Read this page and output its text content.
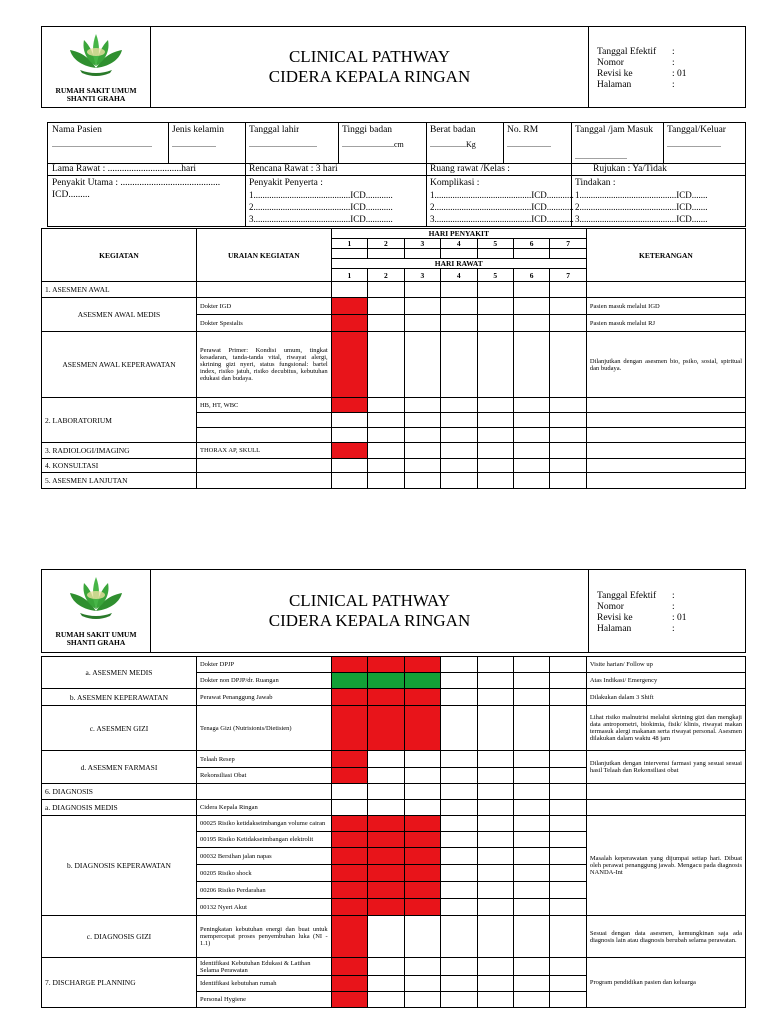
RUMAH SAKIT UMUM
SHANTI GRAHA
CLINICAL PATHWAY
CIDERA KEPALA RINGAN
Tanggal Efektif :
Nomor	:
Revisi ke	: 01
Halaman	:
Nama Pasien
..................................................
Jenis kelamin
......................
Tanggal lahir
..................................
Tinggi badan
..........................cm
Berat badan
..................Kg
No. RM
......................
Tanggal /jam Masuk
..........................
Tanggal/Keluar
...........................
Lama Rawat : ...............................hari	Rencana Rawat : 3 hari	Ruang rawat /Kelas :	Rujukan : Ya/Tidak
Penyakit Utama : ..........................................
ICD.........
Penyakit Penyerta :
1...........................................ICD............
2...........................................ICD............
3...........................................ICD............
Komplikasi :
1...........................................ICD............
2...........................................ICD............
3...........................................ICD............
Tindakan :
1...........................................ICD.......
2...........................................ICD.......
3...........................................ICD.......
KEGIATAN	URAIAN KEGIATAN	HARI PENYAKIT							KETERANGAN
		1	2	3	4	5	6	7	

		HARI RAWAT							
		1	2	3	4	5	6	7	
1. ASESMEN AWAL									
ASESMEN AWAL MEDIS	Dokter IGD								Pasien masuk melalui IGD
	Dokter Spesialis								Pasien masuk melalui RJ
ASESMEN AWAL KEPERAWATAN	Perawat Primer: Kondisi umum, tingkat kesadaran, tanda-tanda vital, riwayat alergi, skrining gizi nyeri, status fungsional: bartel index, risiko jatuh, risiko decubitus, kebutuhan edukasi dan budaya.								Dilanjutkan dengan asesmen bio, psiko, sosial, spiritual dan budaya.
2. LABORATORIUM	HB, HT, WBC								

3. RADIOLOGI/IMAGING	THORAX AP, SKULL								
4. KONSULTASI									
5. ASESMEN LANJUTAN									
RUMAH SAKIT UMUM
SHANTI GRAHA
CLINICAL PATHWAY
CIDERA KEPALA RINGAN
Tanggal Efektif :
Nomor	:
Revisi ke	: 01
Halaman	:
a. ASESMEN MEDIS	Dokter DPJP								Visite harian/ Follow up
	Dokter non DPJP/dr. Ruangan								Atas Indikasi/ Emergency
b. ASESMEN KEPERAWATAN	Perawat Penanggung Jawab								Dilakukan dalam 3 Shift
c. ASESMEN GIZI	Tenaga Gizi (Nutrisionis/Dietisien)								Lihat risiko malnutrisi melalui skrining gizi dan mengkaji data antropometri, biokimia, fisik/ klinis, riwayat makan termasuk alergi makanan serta riwayat personal. Asesmen dilakukan dalam waktu 48 jam
d. ASESMEN FARMASI	Telaah Resep								Dilanjutkan dengan intervensi farmasi yang sesuai sesuai hasil Telaah dan Rekonsiliasi obat
	Rekonsiliasi Obat								
6. DIAGNOSIS									
a. DIAGNOSIS MEDIS	Cidera Kepala Ringan								
b. DIAGNOSIS KEPERAWATAN	00025 Risiko ketidakseimbangan volume cairan								Masalah keperawatan yang dijumpai setiap hari. Dibuat oleh perawat penanggung jawab. Mengacu pada diagnosis NANDA-Int
	00195 Risiko Ketidakseimbangan elektrolit								
	00032 Bersihan jalan napas								
	00205 Risiko shock								
	00206 Risiko Perdarahan								
	00132 Nyeri Akut								
c. DIAGNOSIS GIZI	Peningkatan kebutuhan energi dan buat untuk mempercepat proses penyembuhan luka (NI - 1.1)								Sesuai dengan data asesmen, kemungkinan saja ada diagnosis lain atau diagnosis berubah selama perawatan.
7. DISCHARGE PLANNING	Identifikasi Kebutuhan Edukasi & Latihan Selama Perawatan								Program pendidikan pasien dan keluarga
	Identifikasi kebutuhan rumah								
	Personal Hygiene								
